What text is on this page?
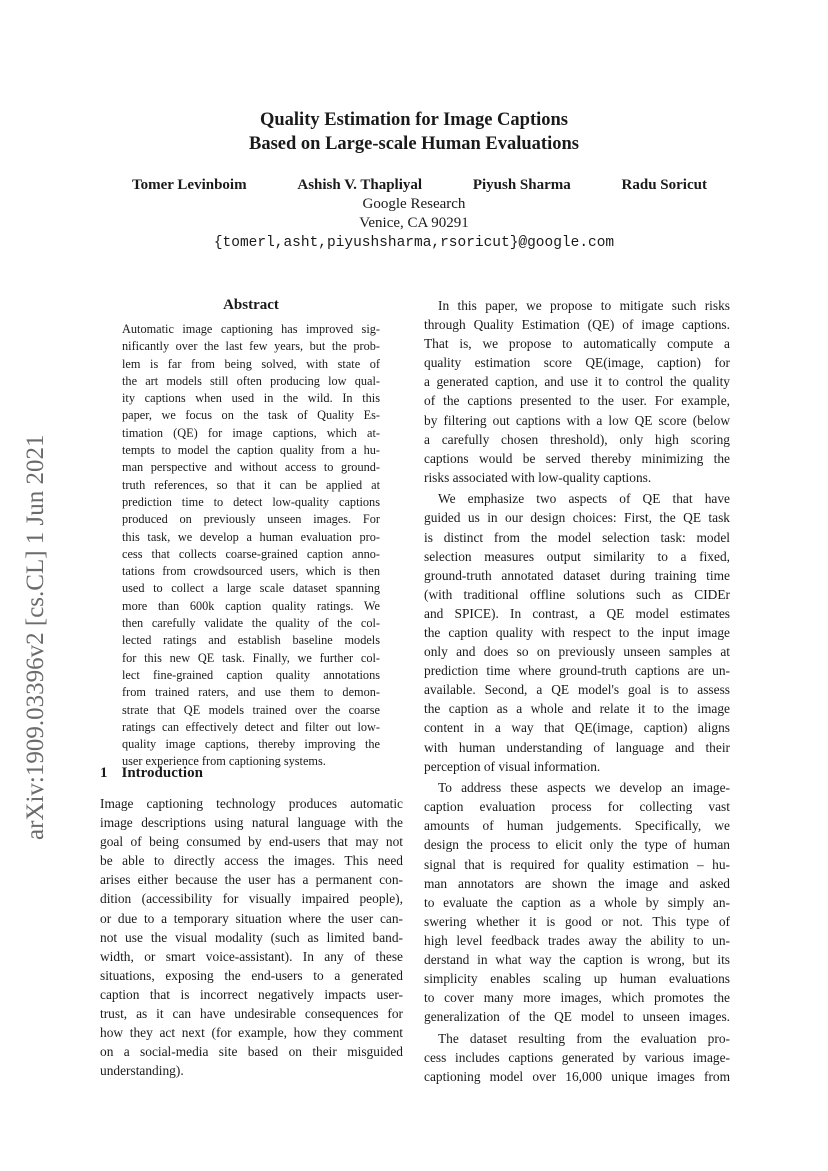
arXiv:1909.03396v2 [cs.CL] 1 Jun 2021
Quality Estimation for Image Captions
Based on Large-scale Human Evaluations
Tomer Levinboim	Ashish V. Thapliyal	Piyush Sharma	Radu Soricut
Google Research
Venice, CA 90291
{tomerl,asht,piyushsharma,rsoricut}@google.com
Abstract
Automatic image captioning has improved sig-
nificantly over the last few years, but the prob-
lem is far from being solved, with state of
the art models still often producing low qual-
ity captions when used in the wild. In this
paper, we focus on the task of Quality Es-
timation (QE) for image captions, which at-
tempts to model the caption quality from a hu-
man perspective and without access to ground-
truth references, so that it can be applied at
prediction time to detect low-quality captions
produced on previously unseen images. For
this task, we develop a human evaluation pro-
cess that collects coarse-grained caption anno-
tations from crowdsourced users, which is then
used to collect a large scale dataset spanning
more than 600k caption quality ratings. We
then carefully validate the quality of the col-
lected ratings and establish baseline models
for this new QE task. Finally, we further col-
lect fine-grained caption quality annotations
from trained raters, and use them to demon-
strate that QE models trained over the coarse
ratings can effectively detect and filter out low-
quality image captions, thereby improving the
user experience from captioning systems.
1 Introduction
Image captioning technology produces automatic
image descriptions using natural language with the
goal of being consumed by end-users that may not
be able to directly access the images. This need
arises either because the user has a permanent con-
dition (accessibility for visually impaired people),
or due to a temporary situation where the user can-
not use the visual modality (such as limited band-
width, or smart voice-assistant). In any of these
situations, exposing the end-users to a generated
caption that is incorrect negatively impacts user-
trust, as it can have undesirable consequences for
how they act next (for example, how they comment
on a social-media site based on their misguided
understanding).
In this paper, we propose to mitigate such risks
through Quality Estimation (QE) of image captions.
That is, we propose to automatically compute a
quality estimation score QE(image, caption) for
a generated caption, and use it to control the quality
of the captions presented to the user. For example,
by filtering out captions with a low QE score (below
a carefully chosen threshold), only high scoring
captions would be served thereby minimizing the
risks associated with low-quality captions.
We emphasize two aspects of QE that have
guided us in our design choices: First, the QE task
is distinct from the model selection task: model
selection measures output similarity to a fixed,
ground-truth annotated dataset during training time
(with traditional offline solutions such as CIDEr
and SPICE). In contrast, a QE model estimates
the caption quality with respect to the input image
only and does so on previously unseen samples at
prediction time where ground-truth captions are un-
available. Second, a QE model's goal is to assess
the caption as a whole and relate it to the image
content in a way that QE(image, caption) aligns
with human understanding of language and their
perception of visual information.
To address these aspects we develop an image-
caption evaluation process for collecting vast
amounts of human judgements. Specifically, we
design the process to elicit only the type of human
signal that is required for quality estimation – hu-
man annotators are shown the image and asked
to evaluate the caption as a whole by simply an-
swering whether it is good or not. This type of
high level feedback trades away the ability to un-
derstand in what way the caption is wrong, but its
simplicity enables scaling up human evaluations
to cover many more images, which promotes the
generalization of the QE model to unseen images.
The dataset resulting from the evaluation pro-
cess includes captions generated by various image-
captioning model over 16,000 unique images from
